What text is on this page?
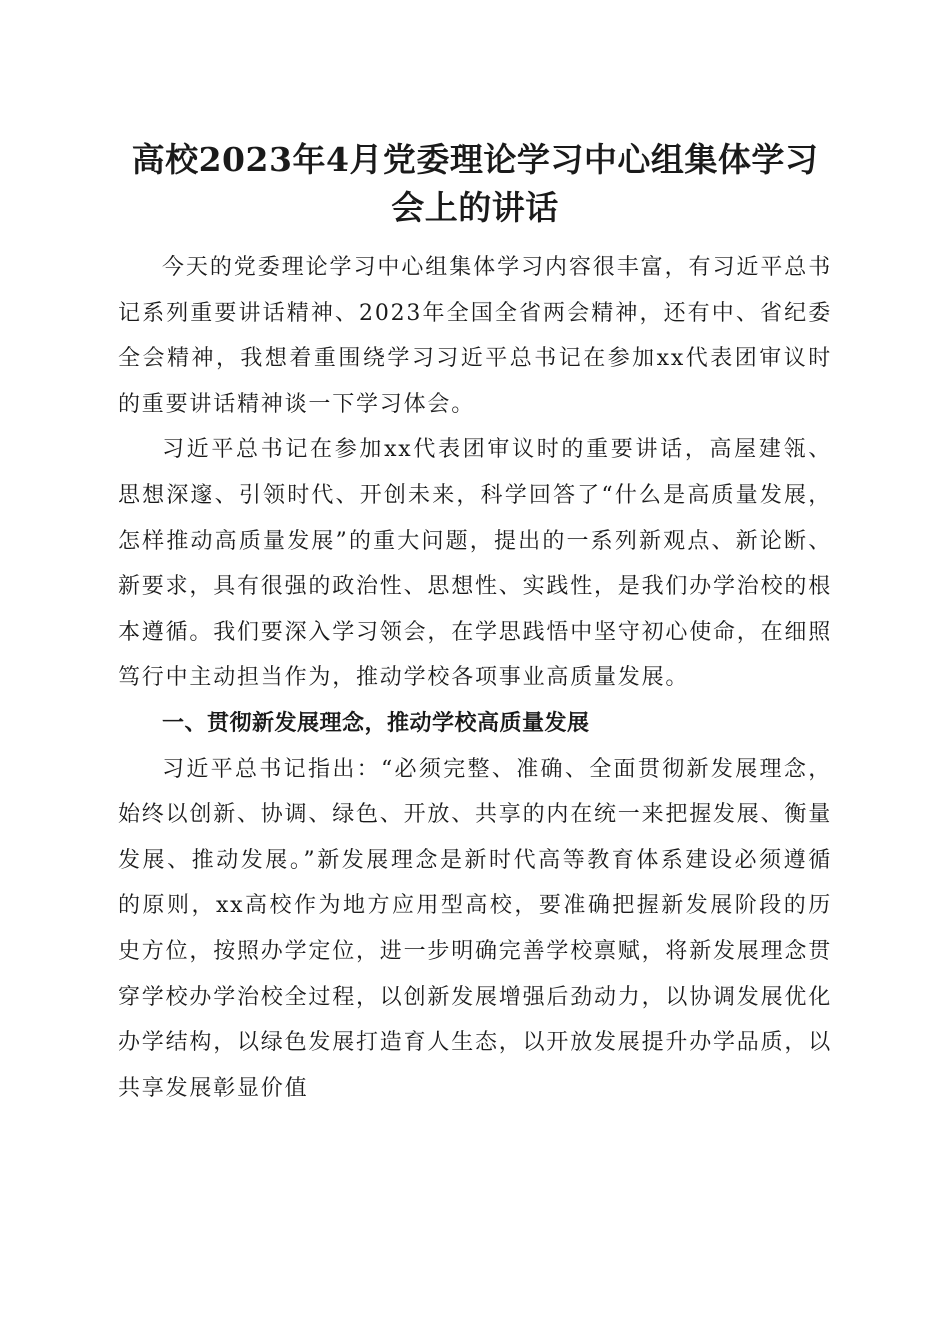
高校2023年4月党委理论学习中心组集体学习会上的讲话

今天的党委理论学习中心组集体学习内容很丰富，有习近平总书记系列重要讲话精神、2023年全国全省两会精神，还有中、省纪委全会精神，我想着重围绕学习习近平总书记在参加xx代表团审议时的重要讲话精神谈一下学习体会。

习近平总书记在参加xx代表团审议时的重要讲话，高屋建瓴、思想深邃、引领时代、开创未来，科学回答了“什么是高质量发展，怎样推动高质量发展”的重大问题，提出的一系列新观点、新论断、新要求，具有很强的政治性、思想性、实践性，是我们办学治校的根本遵循。我们要深入学习领会，在学思践悟中坚守初心使命，在细照笃行中主动担当作为，推动学校各项事业高质量发展。

一、贯彻新发展理念，推动学校高质量发展

习近平总书记指出：“必须完整、准确、全面贯彻新发展理念，始终以创新、协调、绿色、开放、共享的内在统一来把握发展、衡量发展、推动发展。”新发展理念是新时代高等教育体系建设必须遵循的原则，xx高校作为地方应用型高校，要准确把握新发展阶段的历史方位，按照办学定位，进一步明确完善学校禀赋，将新发展理念贯穿学校办学治校全过程，以创新发展增强后劲动力，以协调发展优化办学结构，以绿色发展打造育人生态，以开放发展提升办学品质，以共享发展彰显价值
